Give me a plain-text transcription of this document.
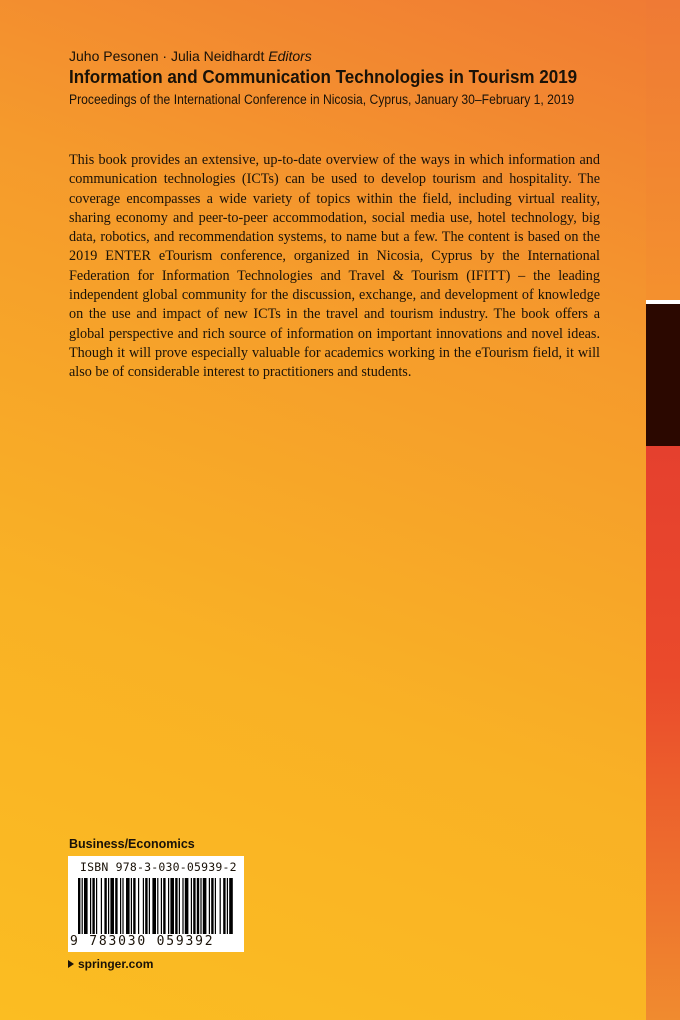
Juho Pesonen · Julia Neidhardt Editors
Information and Communication Technologies in Tourism 2019
Proceedings of the International Conference in Nicosia, Cyprus, January 30–February 1, 2019
This book provides an extensive, up-to-date overview of the ways in which information and communication technologies (ICTs) can be used to develop tourism and hospitality. The coverage encompasses a wide variety of topics within the field, including virtual reality, sharing economy and peer-to-peer accommodation, social media use, hotel technology, big data, robotics, and recommendation systems, to name but a few. The content is based on the 2019 ENTER eTourism conference, organized in Nicosia, Cyprus by the International Federation for Information Technologies and Travel & Tourism (IFITT) – the leading independent global community for the discussion, exchange, and development of knowledge on the use and impact of new ICTs in the travel and tourism industry. The book offers a global perspective and rich source of information on important innovations and novel ideas. Though it will prove especially valuable for academics working in the eTourism field, it will also be of considerable interest to practitioners and students.
Business/Economics
ISBN 978-3-030-05939-2
9 783030 059392
springer.com
